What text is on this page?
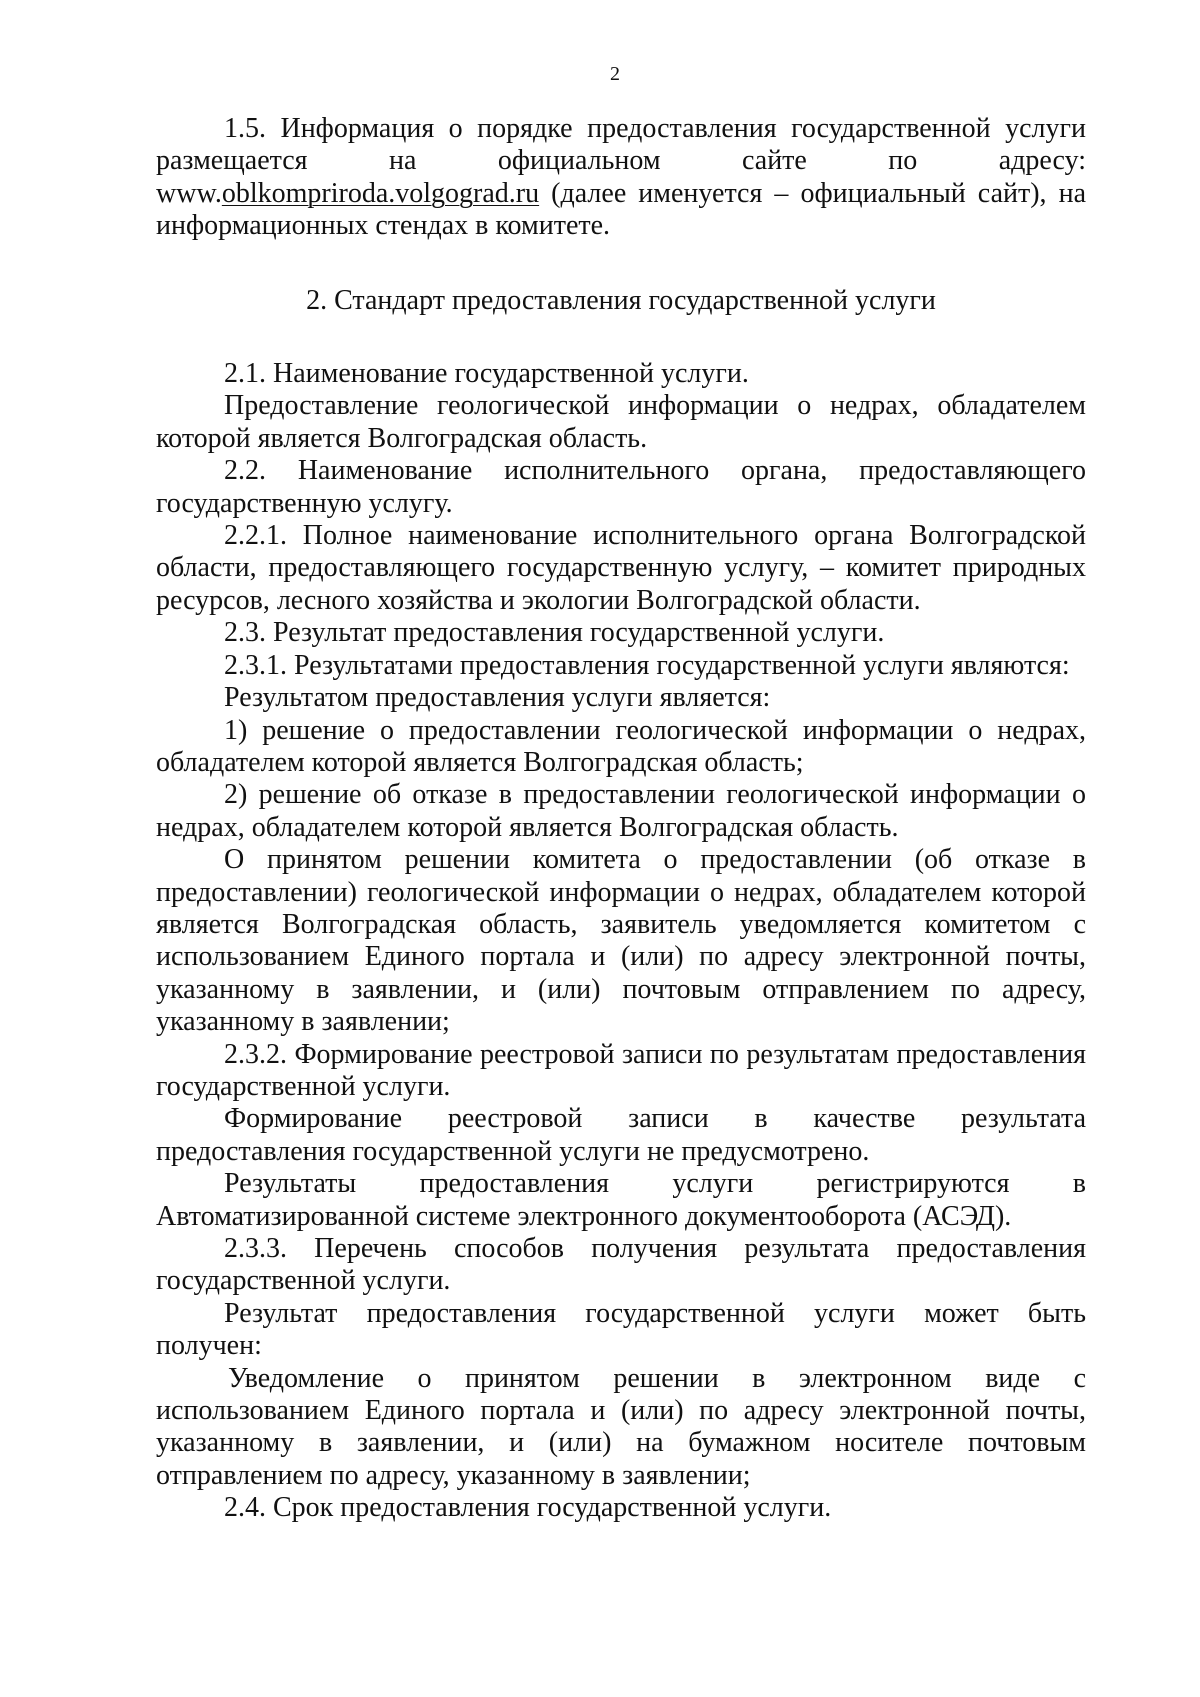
2

1.5. Информация о порядке предоставления государственной услуги размещается на официальном сайте по адресу: www.oblkompriroda.volgograd.ru (далее именуется – официальный сайт), на информационных стендах в комитете.

2. Стандарт предоставления государственной услуги

2.1. Наименование государственной услуги.

Предоставление геологической информации о недрах, обладателем которой является Волгоградская область.

2.2. Наименование исполнительного органа, предоставляющего государственную услугу.

2.2.1. Полное наименование исполнительного органа Волгоградской области, предоставляющего государственную услугу, – комитет природных ресурсов, лесного хозяйства и экологии Волгоградской области.

2.3. Результат предоставления государственной услуги.

2.3.1. Результатами предоставления государственной услуги являются:

Результатом предоставления услуги является:

1) решение о предоставлении геологической информации о недрах, обладателем которой является Волгоградская область;

2) решение об отказе в предоставлении геологической информации о недрах, обладателем которой является Волгоградская область.

О принятом решении комитета о предоставлении (об отказе в предоставлении) геологической информации о недрах, обладателем которой является Волгоградская область, заявитель уведомляется комитетом с использованием Единого портала и (или) по адресу электронной почты, указанному в заявлении, и (или) почтовым отправлением по адресу, указанному в заявлении;

2.3.2. Формирование реестровой записи по результатам предоставления государственной услуги.

Формирование реестровой записи в качестве результата предоставления государственной услуги не предусмотрено.

Результаты предоставления услуги регистрируются в Автоматизированной системе электронного документооборота (АСЭД).

2.3.3. Перечень способов получения результата предоставления государственной услуги.

Результат предоставления государственной услуги может быть получен:

Уведомление о принятом решении в электронном виде с использованием Единого портала и (или) по адресу электронной почты, указанному в заявлении, и (или) на бумажном носителе почтовым отправлением по адресу, указанному в заявлении;

2.4. Срок предоставления государственной услуги.
